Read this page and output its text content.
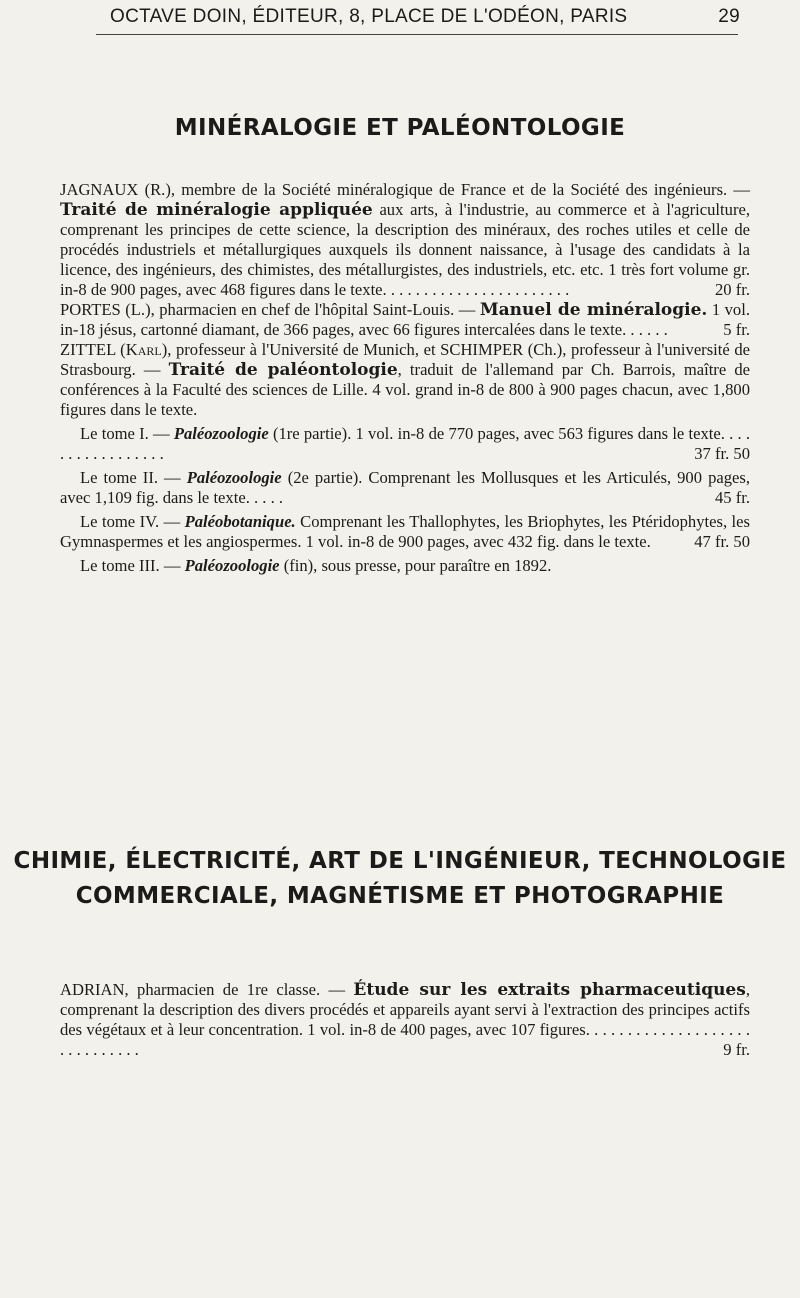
OCTAVE DOIN, ÉDITEUR, 8, PLACE DE L'ODÉON, PARIS	29
MINÉRALOGIE ET PALÉONTOLOGIE

JAGNAUX (R.), membre de la Société minéralogique de France et de la Société des ingénieurs. — Traité de minéralogie appliquée aux arts, à l'industrie, au commerce et à l'agriculture, comprenant les principes de cette science, la description des minéraux, des roches utiles et celle de procédés industriels et métallurgiques auxquels ils donnent naissance, à l'usage des candidats à la licence, des ingénieurs, des chimistes, des métallurgistes, des industriels, etc. etc. 1 très fort volume gr. in-8 de 900 pages, avec 468 figures dans le texte. . . . . . . . . . . . . . . . . . . . . . .	20 fr.

PORTES (L.), pharmacien en chef de l'hôpital Saint-Louis. — Manuel de minéralogie. 1 vol. in-18 jésus, cartonné diamant, de 366 pages, avec 66 figures intercalées dans le texte. . . . . .	5 fr.

ZITTEL (Karl), professeur à l'Université de Munich, et SCHIMPER (Ch.), professeur à l'université de Strasbourg. — Traité de paléontologie, traduit de l'allemand par Ch. Barrois, maître de conférences à la Faculté des sciences de Lille. 4 vol. grand in-8 de 800 à 900 pages chacun, avec 1,800 figures dans le texte.

Le tome I. — Paléozoologie (1re partie). 1 vol. in-8 de 770 pages, avec 563 figures dans le texte. . . . . . . . . . . . . . . . .	37 fr. 50

Le tome II. — Paléozoologie (2e partie). Comprenant les Mollusques et les Articulés, 900 pages, avec 1,109 fig. dans le texte. . . . .	45 fr.

Le tome IV. — Paléobotanique. Comprenant les Thallophytes, les Briophytes, les Ptéridophytes, les Gymnaspermes et les angiospermes. 1 vol. in-8 de 900 pages, avec 432 fig. dans le texte.	47 fr. 50

Le tome III. — Paléozoologie (fin), sous presse, pour paraître en 1892.

CHIMIE, ÉLECTRICITÉ, ART DE L'INGÉNIEUR, TECHNOLOGIE
COMMERCIALE, MAGNÉTISME ET PHOTOGRAPHIE

ADRIAN, pharmacien de 1re classe. — Étude sur les extraits pharmaceutiques, comprenant la description des divers procédés et appareils ayant servi à l'extraction des principes actifs des végétaux et à leur concentration. 1 vol. in-8 de 400 pages, avec 107 figures. . . . . . . . . . . . . . . . . . . . . . . . . . . . . .	9 fr.
